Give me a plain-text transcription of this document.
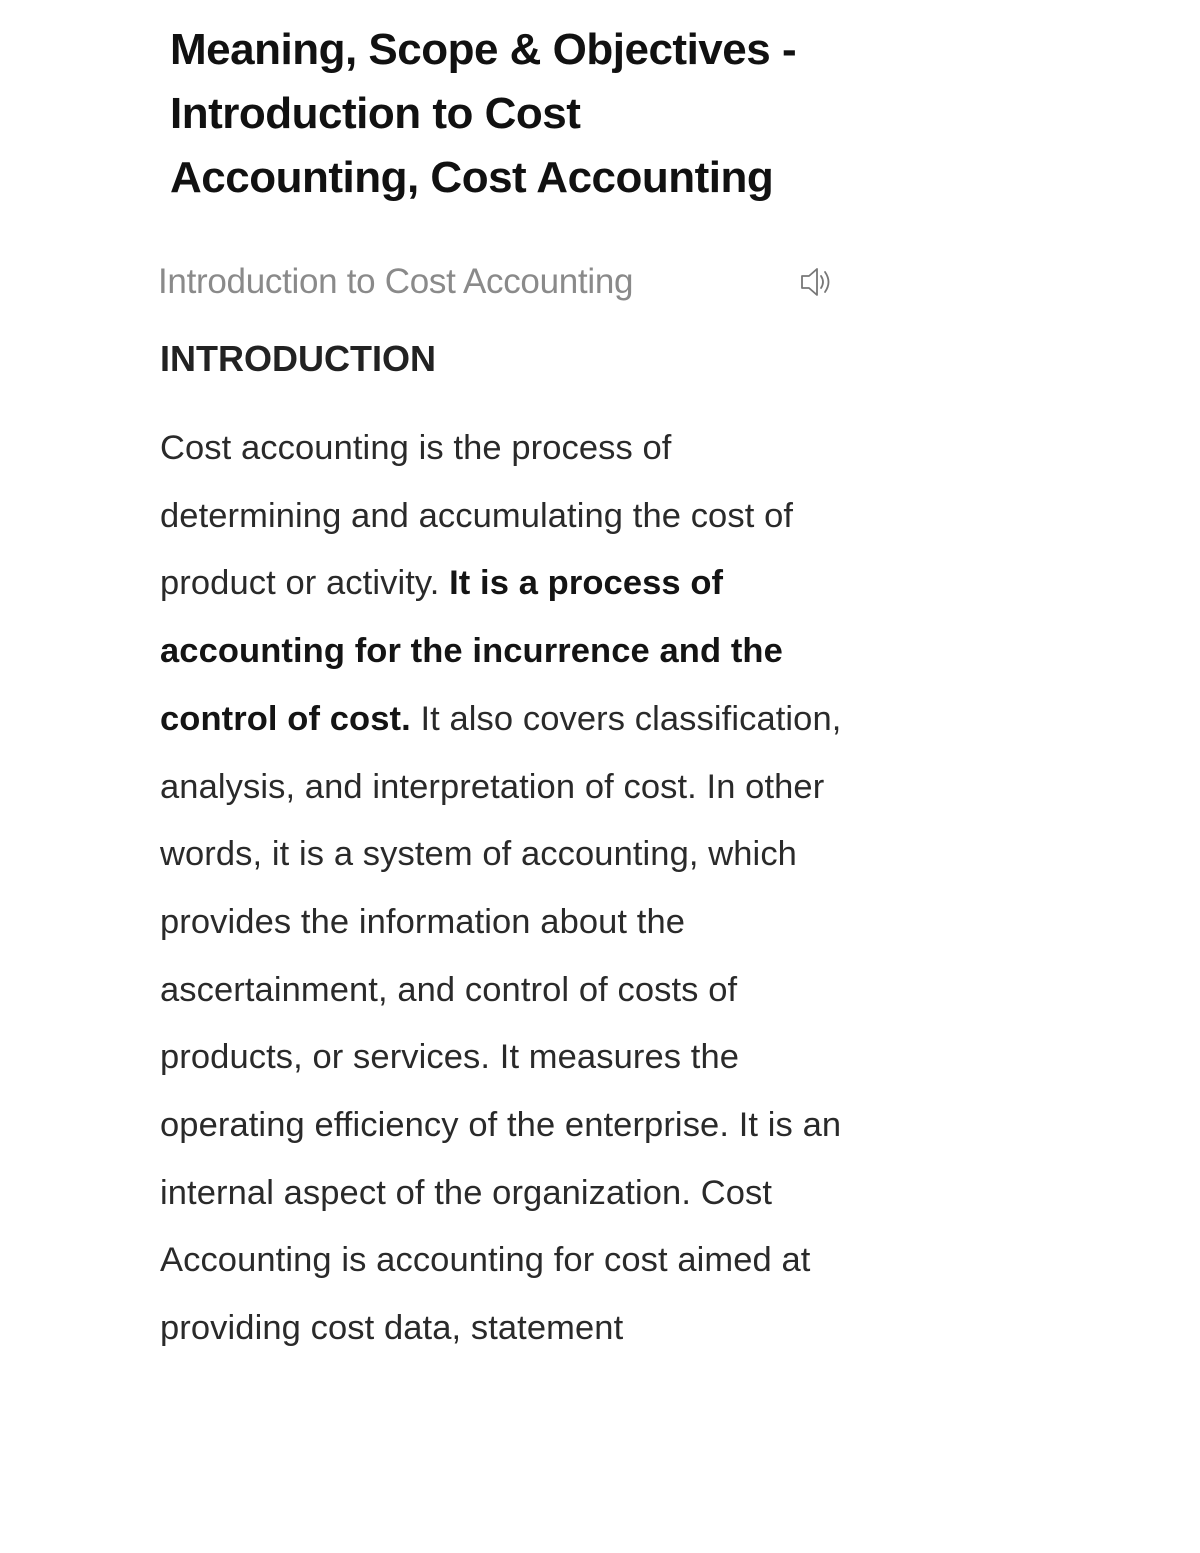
Meaning, Scope & Objectives - Introduction to Cost Accounting, Cost Accounting
Introduction to Cost Accounting
INTRODUCTION

Cost accounting is the process of determining and accumulating the cost of product or activity. It is a process of accounting for the incurrence and the control of cost. It also covers classification, analysis, and interpretation of cost. In other words, it is a system of accounting, which provides the information about the ascertainment, and control of costs of products, or services. It measures the operating efficiency of the enterprise. It is an internal aspect of the organization. Cost Accounting is accounting for cost aimed at providing cost data, statement
